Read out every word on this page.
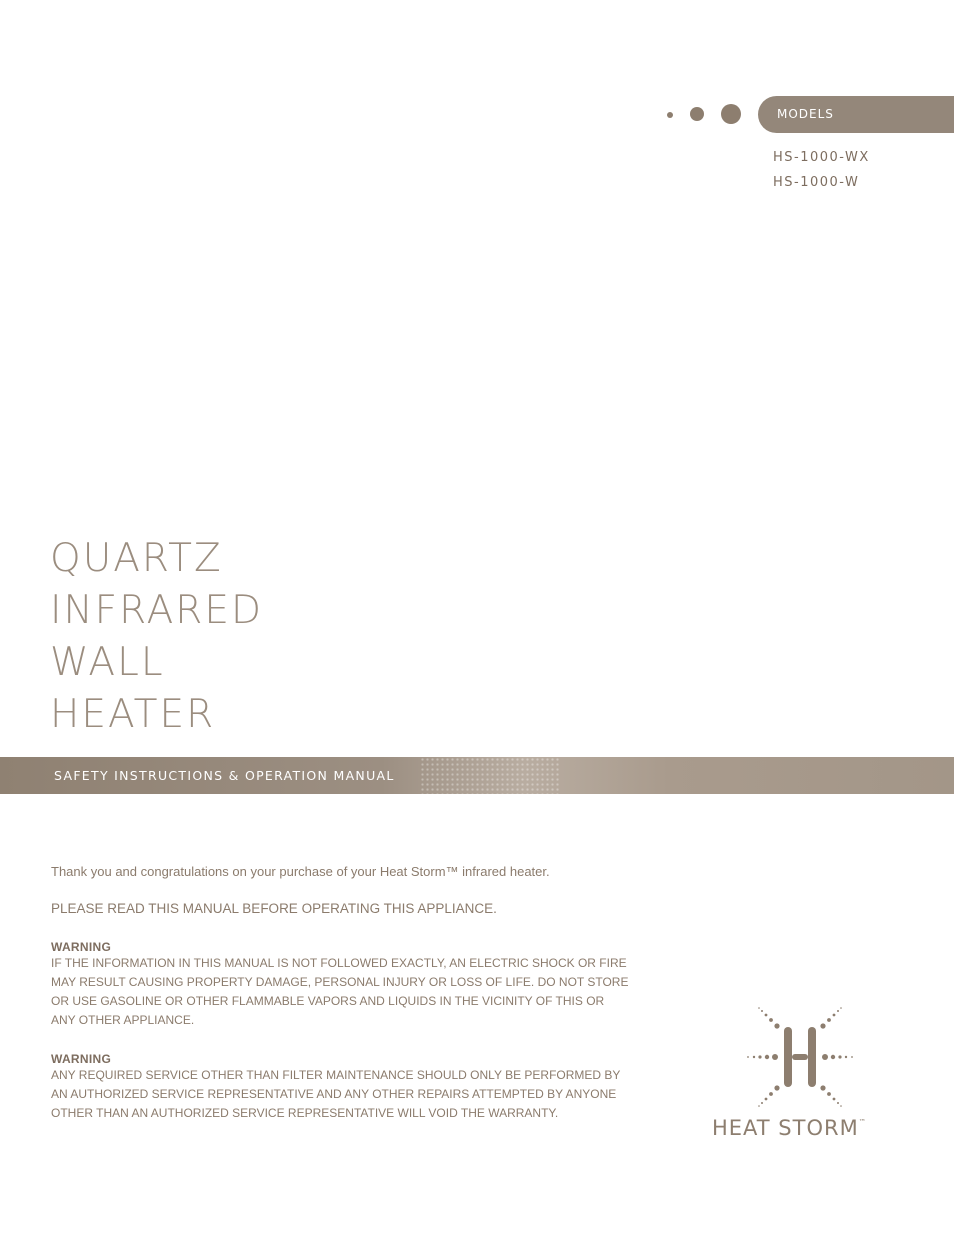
MODELS
HS-1000-WX
HS-1000-W
QUARTZ
INFRARED
WALL
HEATER
SAFETY INSTRUCTIONS & OPERATION MANUAL
Thank you and congratulations on your purchase of your Heat Storm™ infrared heater.
PLEASE READ THIS MANUAL BEFORE OPERATING THIS APPLIANCE.
WARNING
IF THE INFORMATION IN THIS MANUAL IS NOT FOLLOWED EXACTLY, AN ELECTRIC SHOCK OR FIRE MAY RESULT CAUSING PROPERTY DAMAGE, PERSONAL INJURY OR LOSS OF LIFE. DO NOT STORE OR USE GASOLINE OR OTHER FLAMMABLE VAPORS AND LIQUIDS IN THE VICINITY OF THIS OR ANY OTHER APPLIANCE.
WARNING
ANY REQUIRED SERVICE OTHER THAN FILTER MAINTENANCE SHOULD ONLY BE PERFORMED BY AN AUTHORIZED SERVICE REPRESENTATIVE AND ANY OTHER REPAIRS ATTEMPTED BY ANYONE OTHER THAN AN AUTHORIZED SERVICE REPRESENTATIVE WILL VOID THE WARRANTY.
HEAT STORM™
